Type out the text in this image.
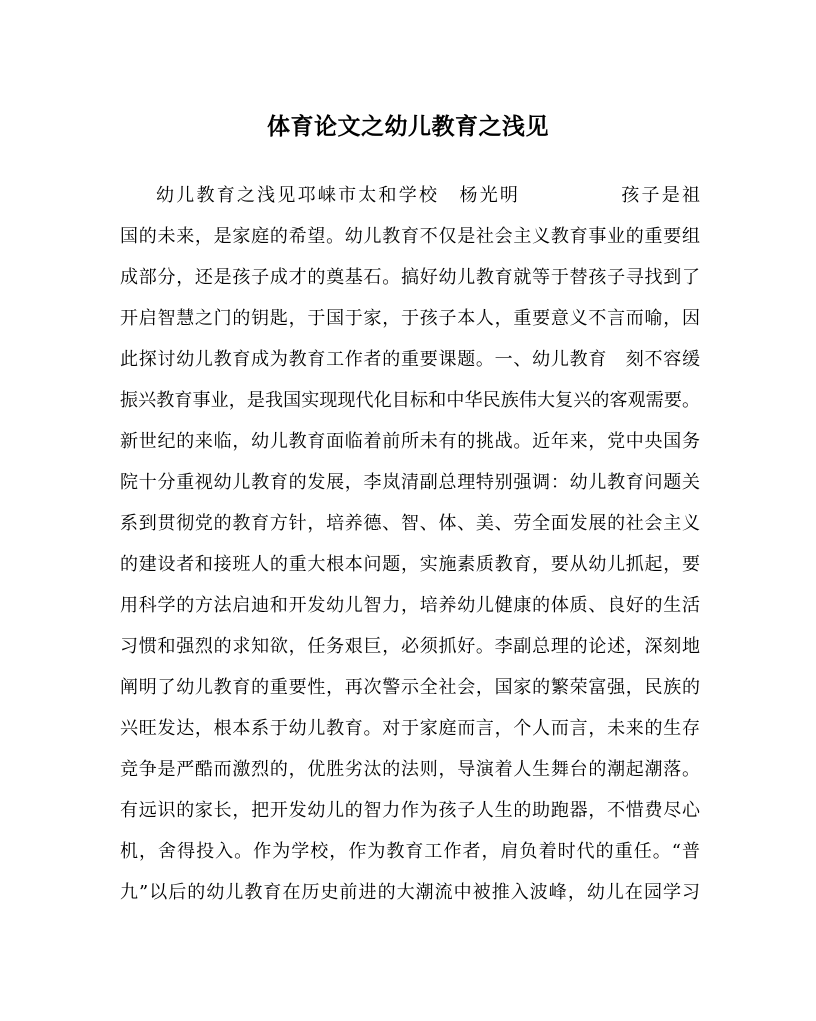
体育论文之幼儿教育之浅见
幼儿教育之浅见邛崃市太和学校　杨光明　　　　　孩子是祖
国的未来，是家庭的希望。幼儿教育不仅是社会主义教育事业的重要组
成部分，还是孩子成才的奠基石。搞好幼儿教育就等于替孩子寻找到了
开启智慧之门的钥匙，于国于家，于孩子本人，重要意义不言而喻，因
此探讨幼儿教育成为教育工作者的重要课题。一、幼儿教育　刻不容缓
振兴教育事业，是我国实现现代化目标和中华民族伟大复兴的客观需要。
新世纪的来临，幼儿教育面临着前所未有的挑战。近年来，党中央国务
院十分重视幼儿教育的发展，李岚清副总理特别强调：幼儿教育问题关
系到贯彻党的教育方针，培养德、智、体、美、劳全面发展的社会主义
的建设者和接班人的重大根本问题，实施素质教育，要从幼儿抓起，要
用科学的方法启迪和开发幼儿智力，培养幼儿健康的体质、良好的生活
习惯和强烈的求知欲，任务艰巨，必须抓好。李副总理的论述，深刻地
阐明了幼儿教育的重要性，再次警示全社会，国家的繁荣富强，民族的
兴旺发达，根本系于幼儿教育。对于家庭而言，个人而言，未来的生存
竞争是严酷而激烈的，优胜劣汰的法则，导演着人生舞台的潮起潮落。
有远识的家长，把开发幼儿的智力作为孩子人生的助跑器，不惜费尽心
机，舍得投入。作为学校，作为教育工作者，肩负着时代的重任。“普
九”以后的幼儿教育在历史前进的大潮流中被推入波峰，幼儿在园学习
